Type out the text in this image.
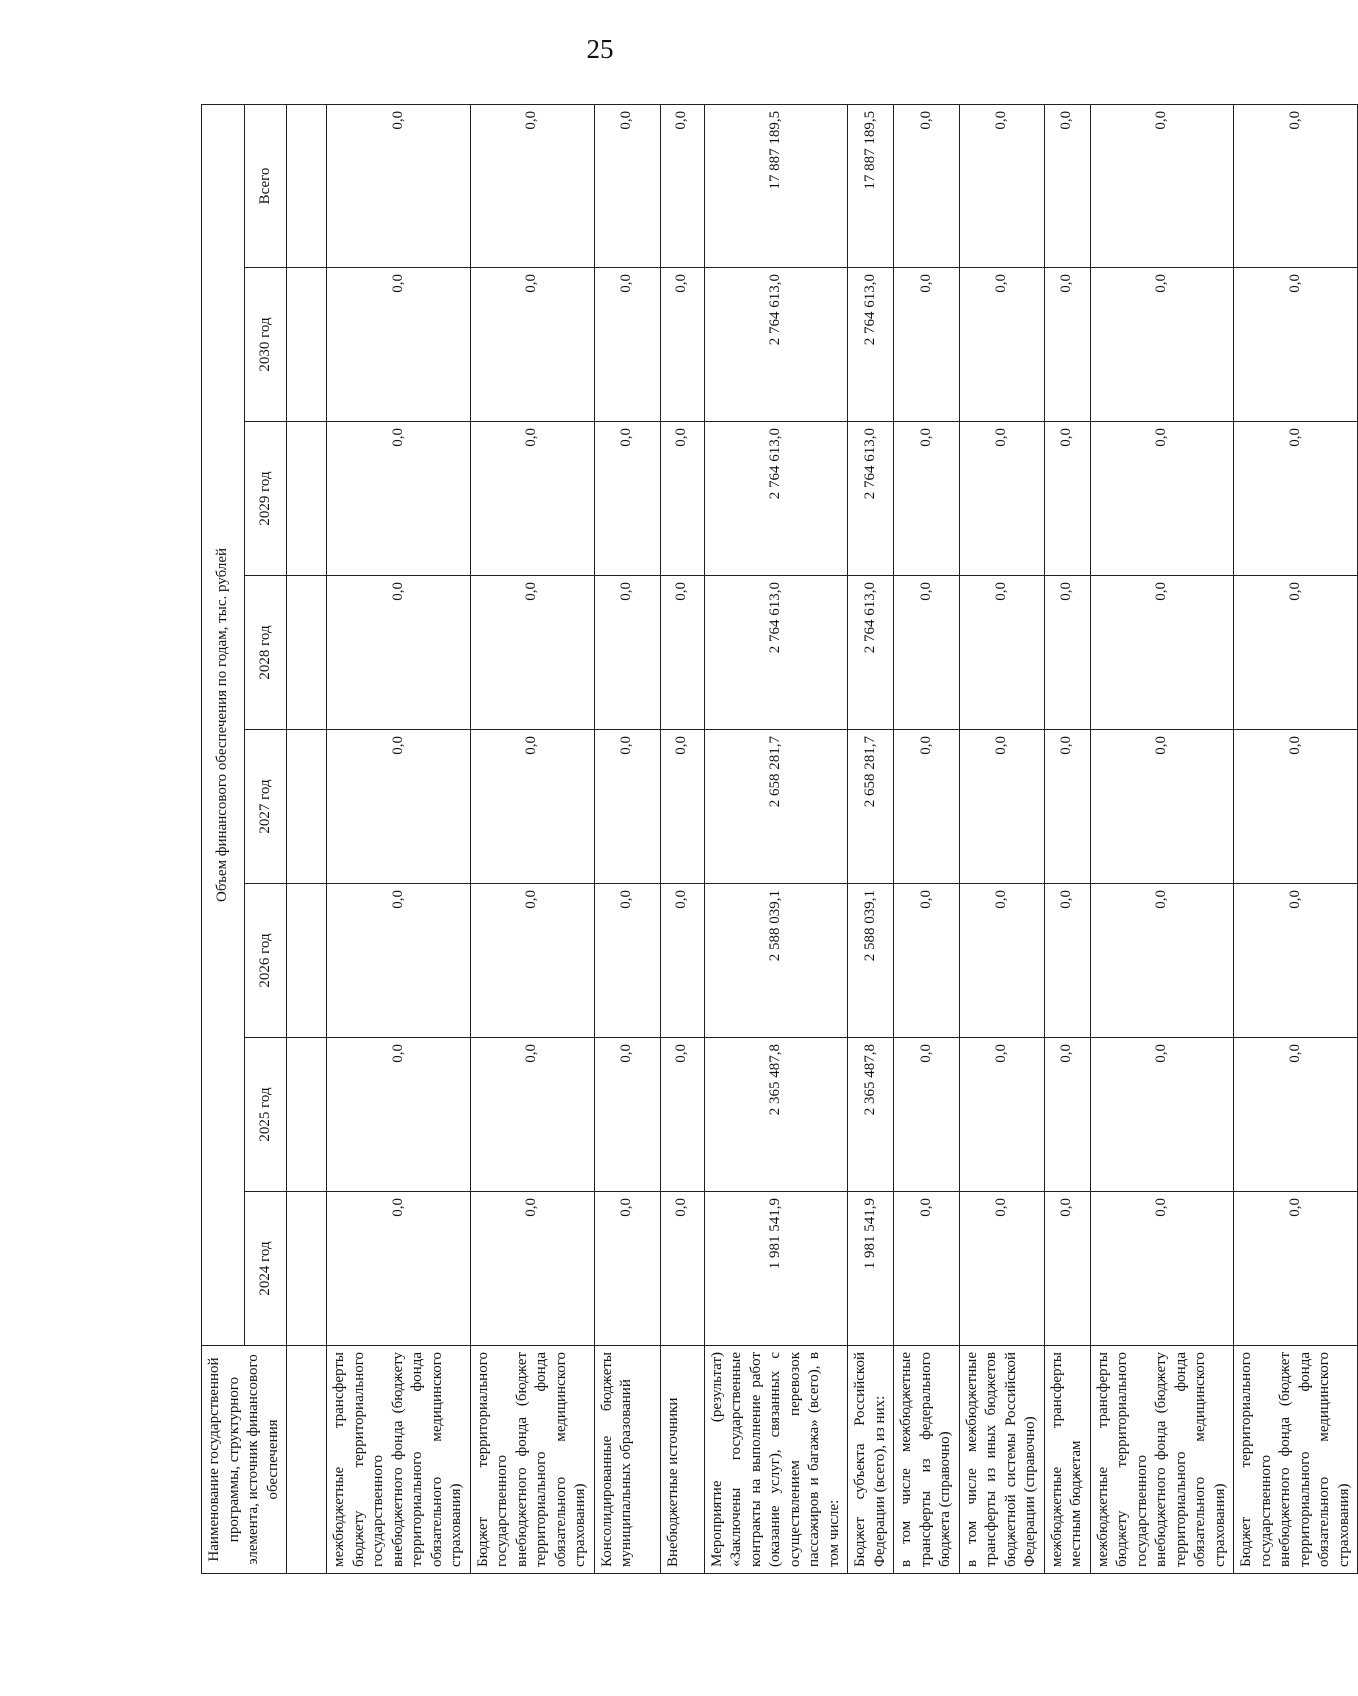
25
Наименование государственной программы, структурного элемента, источник финансового обеспечения	Объем финансового обеспечения по годам, тыс. рублей							
	2024 год	2025 год	2026 год	2027 год	2028 год	2029 год	2030 год	Всего

межбюджетные трансферты бюджету территориального государственного внебюджетного фонда (бюджету территориального фонда обязательного медицинского страхования)	0,0	0,0	0,0	0,0	0,0	0,0	0,0	0,0
Бюджет территориального государственного внебюджетного фонда (бюджет территориального фонда обязательного медицинского страхования)	0,0	0,0	0,0	0,0	0,0	0,0	0,0	0,0
Консолидированные бюджеты муниципальных образований	0,0	0,0	0,0	0,0	0,0	0,0	0,0	0,0
Внебюджетные источники	0,0	0,0	0,0	0,0	0,0	0,0	0,0	0,0
Мероприятие (результат) «Заключены государственные контракты на выполнение работ (оказание услуг), связанных с осуществлением перевозок пассажиров и багажа» (всего), в том числе:	1 981 541,9	2 365 487,8	2 588 039,1	2 658 281,7	2 764 613,0	2 764 613,0	2 764 613,0	17 887 189,5
Бюджет субъекта Российской Федерации (всего), из них:	1 981 541,9	2 365 487,8	2 588 039,1	2 658 281,7	2 764 613,0	2 764 613,0	2 764 613,0	17 887 189,5
в том числе межбюджетные трансферты из федерального бюджета (справочно)	0,0	0,0	0,0	0,0	0,0	0,0	0,0	0,0
в том числе межбюджетные трансферты из иных бюджетов бюджетной системы Российской Федерации (справочно)	0,0	0,0	0,0	0,0	0,0	0,0	0,0	0,0
межбюджетные трансферты местным бюджетам	0,0	0,0	0,0	0,0	0,0	0,0	0,0	0,0
межбюджетные трансферты бюджету территориального государственного внебюджетного фонда (бюджету территориального фонда обязательного медицинского страхования)	0,0	0,0	0,0	0,0	0,0	0,0	0,0	0,0
Бюджет территориального государственного внебюджетного фонда (бюджет территориального фонда обязательного медицинского страхования)	0,0	0,0	0,0	0,0	0,0	0,0	0,0	0,0
